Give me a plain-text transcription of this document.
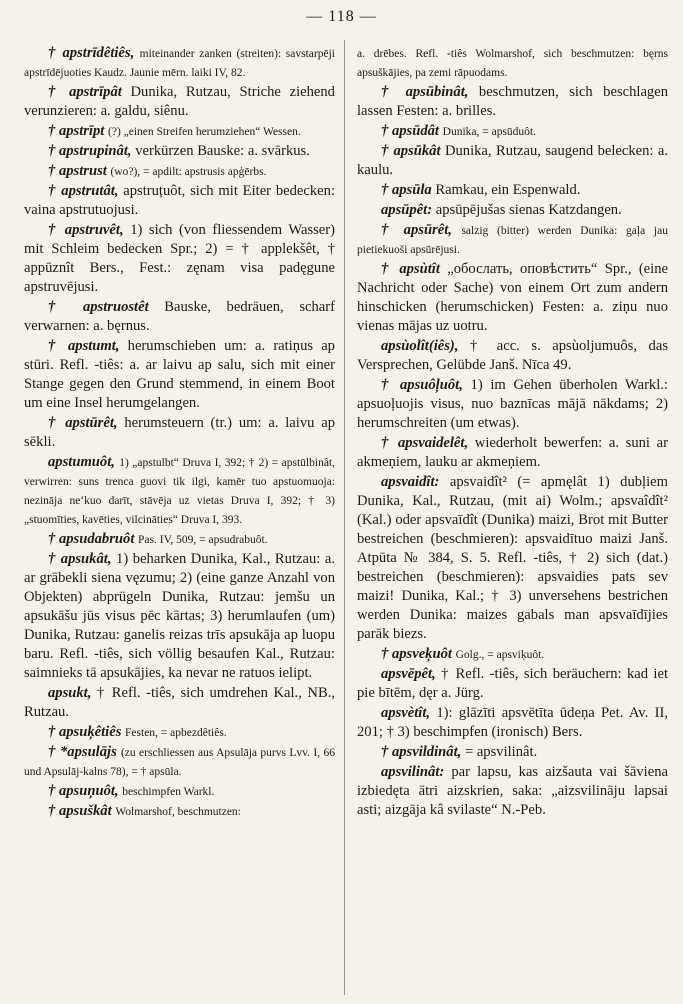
— 118 —

† apstrīdêtiês, miteinander zanken (streiten): savstarpēji apstrīdējuoties Kaudz. Jaunie mērn. laiki IV, 82.

† apstrīpât Dunika, Rutzau, Striche ziehend verunzieren: a. galdu, siênu.

† apstrīpt (?) „einen Streifen herumziehen“ Wessen.

† apstrupinât, verkürzen Bauske: a. svārkus.

† apstrust (wo?), = apdilt: apstrusis apģērbs.

† apstrutât, apstruțuôt, sich mit Eiter bedecken: vaina apstrutuojusi.

† apstruvêt, 1) sich (von fliessendem Wasser) mit Schleim bedecken Spr.; 2) = † applekšêt, † appūznît Bers., Fest.: zęnam visa padęgune apstruvējusi.

† apstruostêt Bauske, bedräuen, scharf verwarnen: a. bęrnus.

† apstumt, herumschieben um: a. ratiņus ap stūri. Refl. -tiês: a. ar laivu ap salu, sich mit einer Stange gegen den Grund stemmend, in einem Boot um eine Insel herumgelangen.

† apstūrêt, herumsteuern (tr.) um: a. laivu ap sēkli.

apstumuôt, 1) „apstulbt“ Druva I, 392; † 2) = apstūlbinât, verwirren: suns trenca guovi tik ilgi, kamēr tuo apstuomuoja: nezināja ne‘kuo darīt, stāvēja uz vietas Druva I, 392; † 3) „stuomīties, kavēties, vilcināties“ Druva I, 393.

† apsudabruôt Pas. IV, 509, = apsudrabuôt.

† apsukât, 1) beharken Dunika, Kal., Rutzau: a. ar grābekli siena vęzumu; 2) (eine ganze Anzahl von Objekten) abprügeln Dunika, Rutzau: jemšu un apsukāšu jūs visus pēc kārtas; 3) herumlaufen (um) Dunika, Rutzau: ganelis reizas trīs apsukāja ap luopu baru. Refl. -tiês, sich völlig besaufen Kal., Rutzau: saimnieks tā apsukājies, ka nevar ne ratuos ielipt.

apsukt, † Refl. -tiês, sich umdrehen Kal., NB., Rutzau.

† apsuķêtiês Festen, = apbezdêtiês.

† *apsulājs (zu erschliessen aus Apsulāja purvs Lvv. I, 66 und Apsulāj-kalns 78), = † apsūla.

† apsuņuôt, beschimpfen Warkl.

† apsuškât Wolmarshof, beschmutzen:

a. drēbes. Refl. -tiês Wolmarshof, sich beschmutzen: bęrns apsuškājies, pa zemi rāpuodams.

† apsūbinât, beschmutzen, sich beschlagen lassen Festen: a. brilles.

† apsūdât Dunika, = apsūduôt.

† apsūkât Dunika, Rutzau, saugend belecken: a. kaulu.

† apsūla Ramkau, ein Espenwald.

apsūpêt: apsūpējušas sienas Katzdangen.

† apsūrêt, salzig (bitter) werden Dunika: gaļa jau pietiekuoši apsūrējusi.

† apsùtît „обослать, оповѣстить“ Spr., (eine Nachricht oder Sache) von einem Ort zum andern hinschicken (herumschicken) Festen: a. ziņu nuo vienas mājas uz uotru.

apsùolît(iês), † acc. s. apsùoljumuôs, das Versprechen, Gelübde Janš. Nīca 49.

† apsuôļuôt, 1) im Gehen überholen Warkl.: apsuoļuojis visus, nuo baznīcas mājā nākdams; 2) herumschreiten (um etwas).

† apsvaidelêt, wiederholt bewerfen: a. suni ar akmeņiem, lauku ar akmeņiem.

apsvaidît: apsvaidît² (= apmęlât 1) dubļiem Dunika, Kal., Rutzau, (mit ai) Wolm.; apsvaîdît² (Kal.) oder apsvaīdît (Dunika) maizi, Brot mit Butter bestreichen (beschmieren): apsvaidītuo maizi Janš. Atpūta № 384, S. 5. Refl. -tiês, † 2) sich (dat.) bestreichen (beschmieren): apsvaidies pats sev maizi! Dunika, Kal.; † 3) unversehens bestrichen werden Dunika: maizes gabals man apsvaīdījies parāk biezs.

† apsveķuôt Golg., = apsviķuôt.

apsvēpêt, † Refl. -tiês, sich beräuchern: kad iet pie bītēm, dęr a. Jürg.

apsvètît, 1): glāzīti apsvētīta ūdeņa Pet. Av. II, 201; † 3) beschimpfen (ironisch) Bers.

† apsvildinât, = apsvilinât.

apsvilinât: par lapsu, kas aizšauta vai šāviena izbiedęta ātri aizskrien, saka: „aizsvilināju lapsai asti; aizgāja kâ svilaste“ N.-Peb.
